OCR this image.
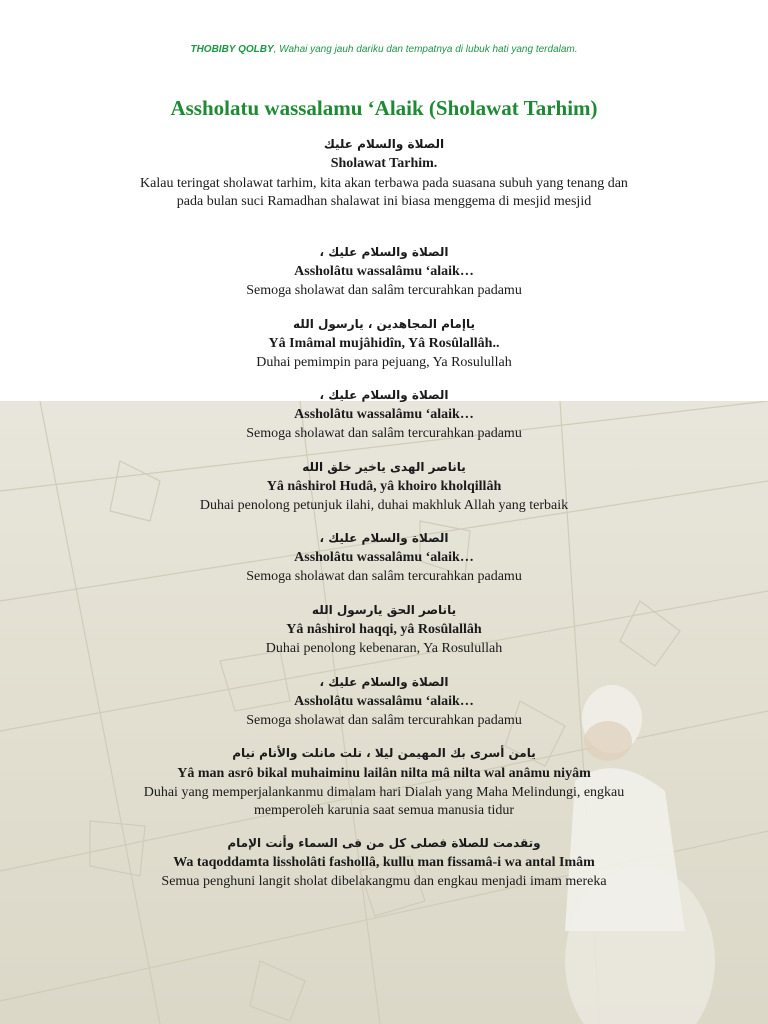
THOBIBY QOLBY, Wahai yang jauh dariku dan tempatnya di lubuk hati yang terdalam.
Assholatu wassalamu ‘Alaik (Sholawat Tarhim)
الصلاة والسلام عليك
Sholawat Tarhim.
Kalau teringat sholawat tarhim, kita akan terbawa pada suasana subuh yang tenang dan
pada bulan suci Ramadhan shalawat ini biasa menggema di mesjid mesjid
الصلاة والسلام عليك ،
Assholâtu wassalâmu ‘alaik…
Semoga sholawat dan salâm tercurahkan padamu
ياإمام المجاهدين ، يارسول الله
Yâ Imâmal mujâhidîn, Yâ Rosûlallâh..
Duhai pemimpin para pejuang, Ya Rosulullah
الصلاة والسلام عليك ،
Assholâtu wassalâmu ‘alaik…
Semoga sholawat dan salâm tercurahkan padamu
ياناصر الهدى ياخير خلق الله
Yâ nâshirol Hudâ, yâ khoiro kholqillâh
Duhai penolong petunjuk ilahi, duhai makhluk Allah yang terbaik
الصلاة والسلام عليك ،
Assholâtu wassalâmu ‘alaik…
Semoga sholawat dan salâm tercurahkan padamu
ياناصر الحق يارسول الله
Yâ nâshirol haqqi, yâ Rosûlallâh
Duhai penolong kebenaran, Ya Rosulullah
الصلاة والسلام عليك ،
Assholâtu wassalâmu ‘alaik…
Semoga sholawat dan salâm tercurahkan padamu
يامن أسرى بك المهيمن ليلا ، نلت مانلت والأنام نيام
Yâ man asrô bikal muhaiminu lailân nilta mâ nilta wal anâmu niyâm
Duhai yang memperjalankanmu dimalam hari Dialah yang Maha Melindungi, engkau
memperoleh karunia saat semua manusia tidur
وتقدمت للصلاة فصلى كل من فى السماء وأنت الإمام
Wa taqoddamta lissholâti fashollâ, kullu man fissamâ-i wa antal Imâm
Semua penghuni langit sholat dibelakangmu dan engkau menjadi imam mereka
